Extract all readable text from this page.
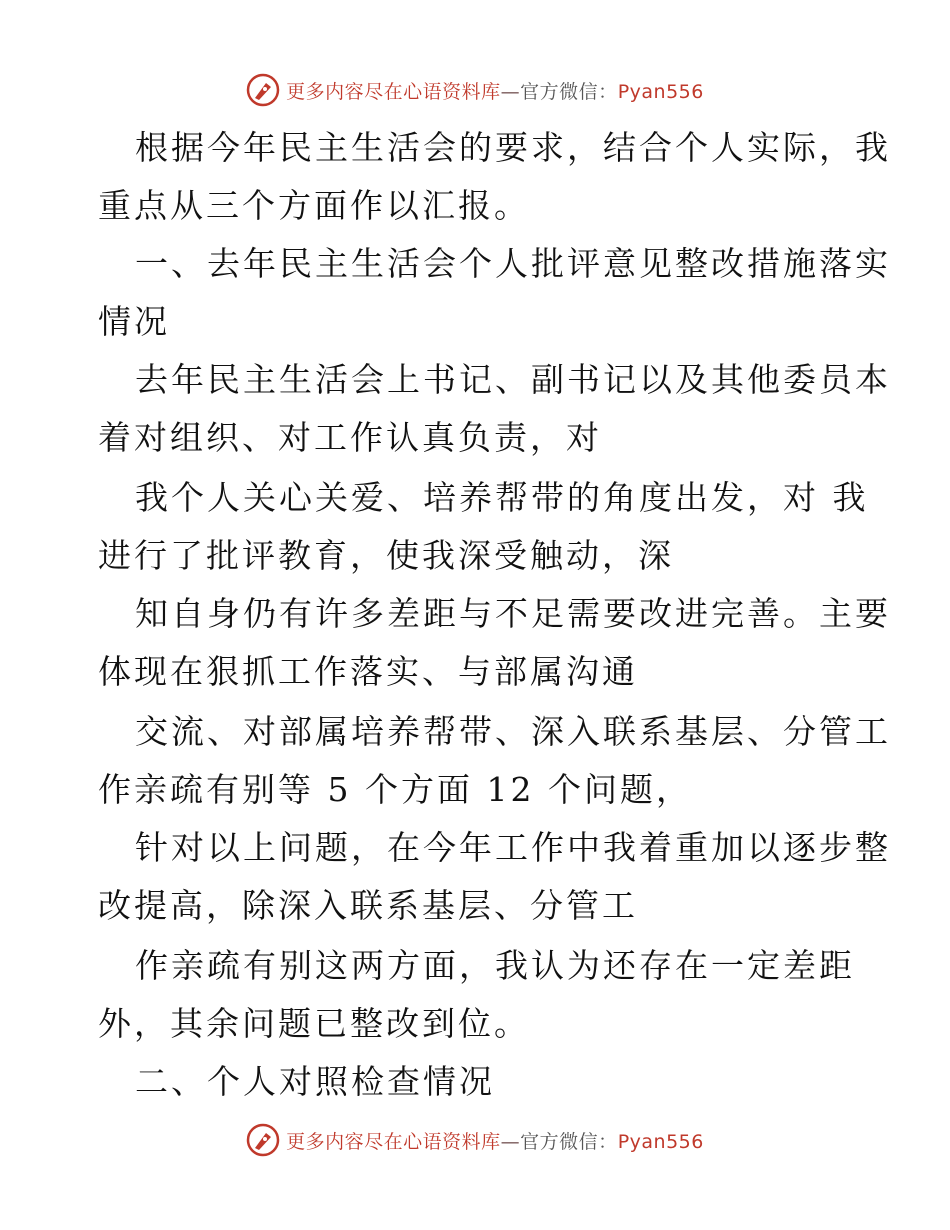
更多内容尽在心语资料库—官方微信：Pyan556
根据今年民主生活会的要求，结合个人实际，我
重点从三个方面作以汇报。
一、去年民主生活会个人批评意见整改措施落实
情况
去年民主生活会上书记、副书记以及其他委员本
着对组织、对工作认真负责，对
我个人关心关爱、培养帮带的角度出发，对 我
进行了批评教育，使我深受触动，深
知自身仍有许多差距与不足需要改进完善。主要
体现在狠抓工作落实、与部属沟通
交流、对部属培养帮带、深入联系基层、分管工
作亲疏有别等 5 个方面 12 个问题，
针对以上问题，在今年工作中我着重加以逐步整
改提高，除深入联系基层、分管工
作亲疏有别这两方面，我认为还存在一定差距
外，其余问题已整改到位。
二、个人对照检查情况
更多内容尽在心语资料库—官方微信：Pyan556
